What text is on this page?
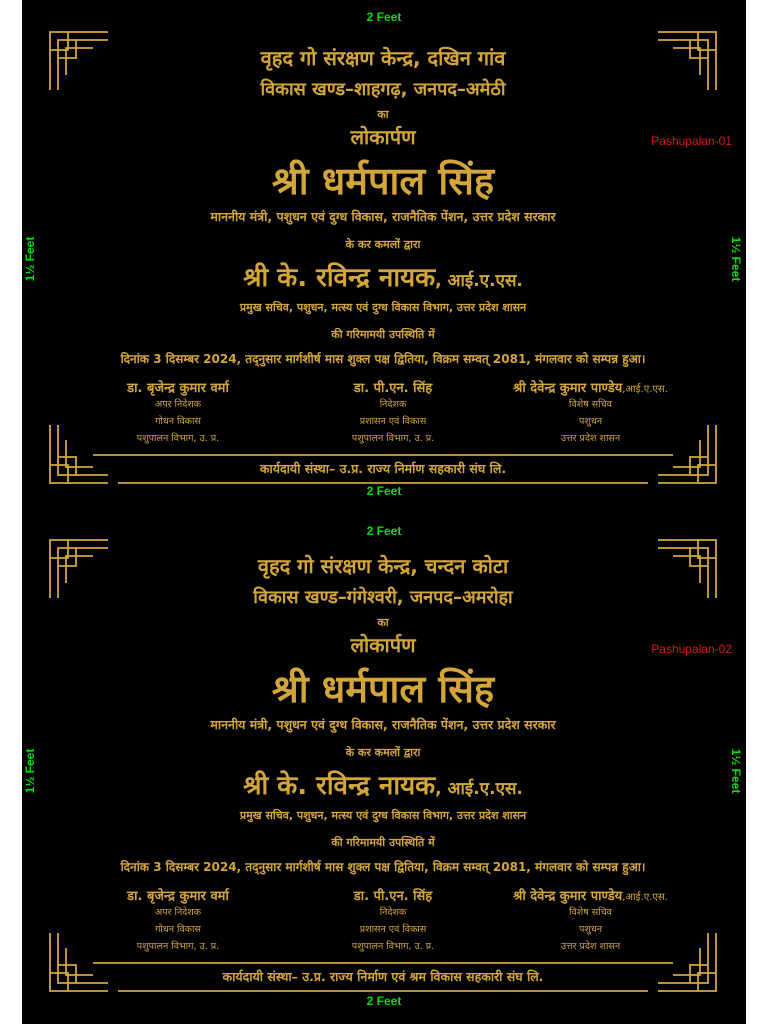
2 Feet
1½ Feet	1½ Feet
वृहद गो संरक्षण केन्द्र, दखिन गांव
विकास खण्ड–शाहगढ़, जनपद–अमेठी
का
लोकार्पण	Pashupalan-01
श्री धर्मपाल सिंह
माननीय मंत्री, पशुधन एवं दुग्ध विकास, राजनैतिक पेंशन, उत्तर प्रदेश सरकार
के कर कमलों द्वारा
श्री के. रविन्द्र नायक, आई.ए.एस.
प्रमुख सचिव, पशुधन, मत्स्य एवं दुग्ध विकास विभाग, उत्तर प्रदेश शासन
की गरिमामयी उपस्थिति में
दिनांक 3 दिसम्बर 2024, तद्नुसार मार्गशीर्ष मास शुक्ल पक्ष द्वितिया, विक्रम सम्वत् 2081, मंगलवार को सम्पन्न हुआ।
डा. बृजेन्द्र कुमार वर्मा
अपर निदेशक
गोधन विकास
पशुपालन विभाग, उ. प्र.
डा. पी.एन. सिंह
निदेशक
प्रशासन एवं विकास
पशुपालन विभाग, उ. प्र.
श्री देवेन्द्र कुमार पाण्डेय,आई.ए.एस.
विशेष सचिव
पशुधन
उत्तर प्रदेश शासन
कार्यदायी संस्था– उ.प्र. राज्य निर्माण सहकारी संघ लि.
2 Feet
2 Feet
1½ Feet	1½ Feet
वृहद गो संरक्षण केन्द्र, चन्दन कोटा
विकास खण्ड–गंगेश्वरी, जनपद–अमरोहा
का
लोकार्पण	Pashupalan-02
श्री धर्मपाल सिंह
माननीय मंत्री, पशुधन एवं दुग्ध विकास, राजनैतिक पेंशन, उत्तर प्रदेश सरकार
के कर कमलों द्वारा
श्री के. रविन्द्र नायक, आई.ए.एस.
प्रमुख सचिव, पशुधन, मत्स्य एवं दुग्ध विकास विभाग, उत्तर प्रदेश शासन
की गरिमामयी उपस्थिति में
दिनांक 3 दिसम्बर 2024, तद्नुसार मार्गशीर्ष मास शुक्ल पक्ष द्वितिया, विक्रम सम्वत् 2081, मंगलवार को सम्पन्न हुआ।
डा. बृजेन्द्र कुमार वर्मा
अपर निदेशक
गोधन विकास
पशुपालन विभाग, उ. प्र.
डा. पी.एन. सिंह
निदेशक
प्रशासन एवं विकास
पशुपालन विभाग, उ. प्र.
श्री देवेन्द्र कुमार पाण्डेय,आई.ए.एस.
विशेष सचिव
पशुधन
उत्तर प्रदेश शासन
कार्यदायी संस्था– उ.प्र. राज्य निर्माण एवं श्रम विकास सहकारी संघ लि.
2 Feet
